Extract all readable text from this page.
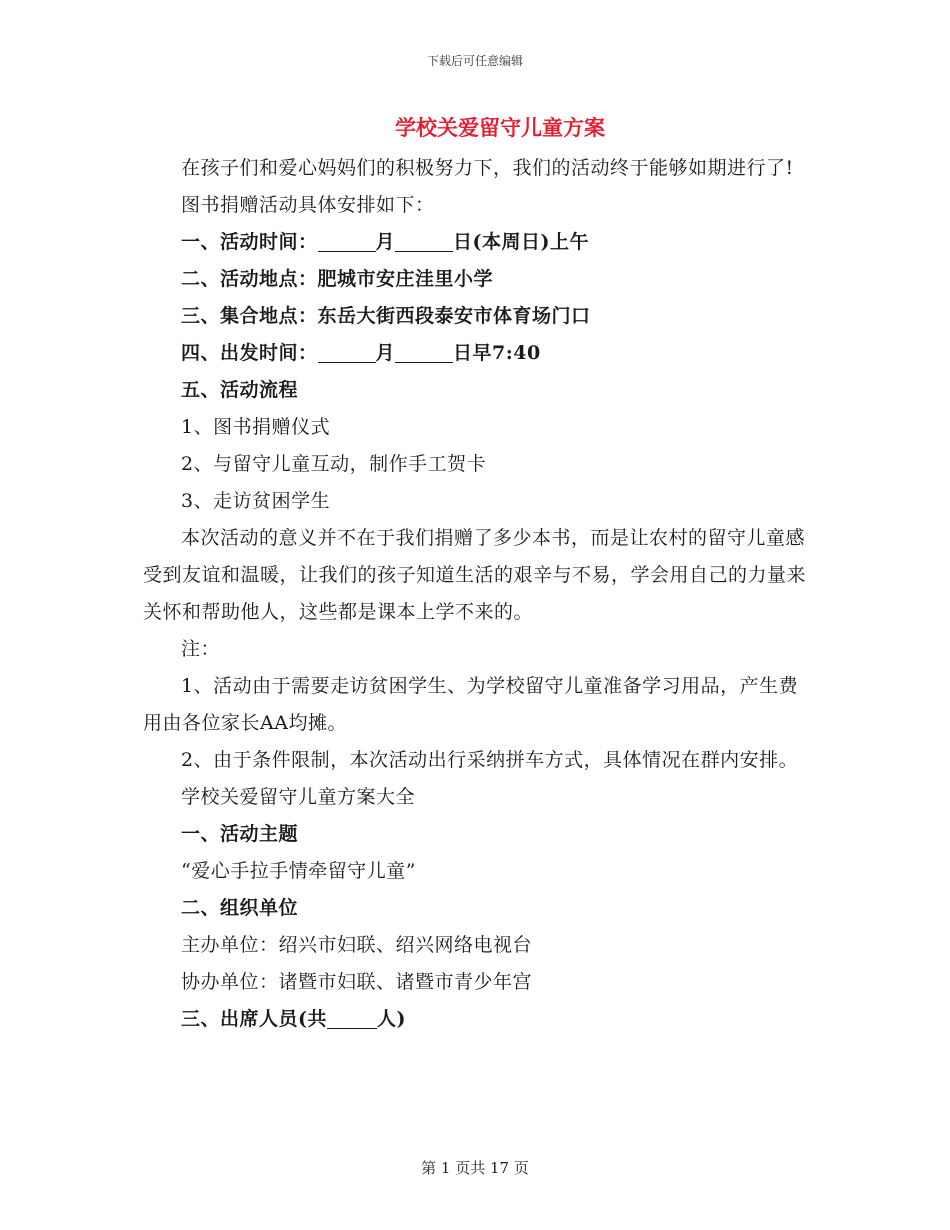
下载后可任意编辑
学校关爱留守儿童方案

在孩子们和爱心妈妈们的积极努力下，我们的活动终于能够如期进行了!

图书捐赠活动具体安排如下：

一、活动时间：	月	日(本周日)上午

二、活动地点：肥城市安庄洼里小学

三、集合地点：东岳大街西段泰安市体育场门口

四、出发时间：	月	日早7:40

五、活动流程

1、图书捐赠仪式

2、与留守儿童互动，制作手工贺卡

3、走访贫困学生

本次活动的意义并不在于我们捐赠了多少本书，而是让农村的留守儿童感受到友谊和温暖，让我们的孩子知道生活的艰辛与不易，学会用自己的力量来关怀和帮助他人，这些都是课本上学不来的。

注：

1、活动由于需要走访贫困学生、为学校留守儿童准备学习用品，产生费用由各位家长AA均摊。

2、由于条件限制，本次活动出行采纳拼车方式，具体情况在群内安排。

学校关爱留守儿童方案大全

一、活动主题

“爱心手拉手情牵留守儿童”

二、组织单位

主办单位：绍兴市妇联、绍兴网络电视台

协办单位：诸暨市妇联、诸暨市青少年宫

三、出席人员(共	人)

第 1 页共 17 页
